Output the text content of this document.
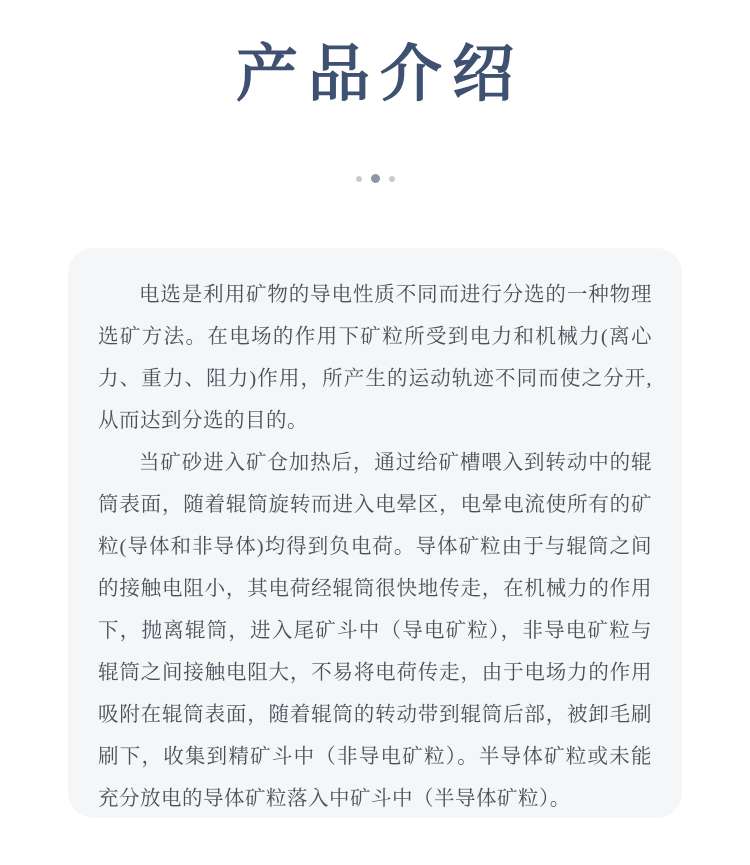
产品介绍

电选是利用矿物的导电性质不同而进行分选的一种物理选矿方法。在电场的作用下矿粒所受到电力和机械力(离心力、重力、阻力)作用，所产生的运动轨迹不同而使之分开,从而达到分选的目的。

当矿砂进入矿仓加热后，通过给矿槽喂入到转动中的辊筒表面，随着辊筒旋转而进入电晕区，电晕电流使所有的矿粒(导体和非导体)均得到负电荷。导体矿粒由于与辊筒之间的接触电阻小，其电荷经辊筒很快地传走，在机械力的作用下，抛离辊筒，进入尾矿斗中（导电矿粒），非导电矿粒与辊筒之间接触电阻大，不易将电荷传走，由于电场力的作用吸附在辊筒表面，随着辊筒的转动带到辊筒后部，被卸毛刷刷下，收集到精矿斗中（非导电矿粒）。半导体矿粒或未能充分放电的导体矿粒落入中矿斗中（半导体矿粒）。
